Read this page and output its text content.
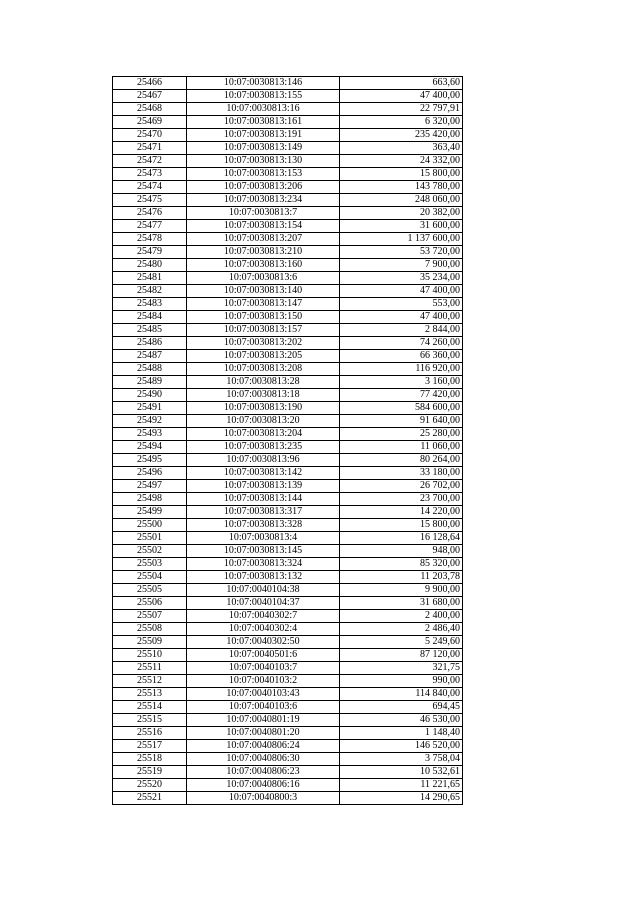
25466	10:07:0030813:146	663,60
25467	10:07:0030813:155	47 400,00
25468	10:07:0030813:16	22 797,91
25469	10:07:0030813:161	6 320,00
25470	10:07:0030813:191	235 420,00
25471	10:07:0030813:149	363,40
25472	10:07:0030813:130	24 332,00
25473	10:07:0030813:153	15 800,00
25474	10:07:0030813:206	143 780,00
25475	10:07:0030813:234	248 060,00
25476	10:07:0030813:7	20 382,00
25477	10:07:0030813:154	31 600,00
25478	10:07:0030813:207	1 137 600,00
25479	10:07:0030813:210	53 720,00
25480	10:07:0030813:160	7 900,00
25481	10:07:0030813:6	35 234,00
25482	10:07:0030813:140	47 400,00
25483	10:07:0030813:147	553,00
25484	10:07:0030813:150	47 400,00
25485	10:07:0030813:157	2 844,00
25486	10:07:0030813:202	74 260,00
25487	10:07:0030813:205	66 360,00
25488	10:07:0030813:208	116 920,00
25489	10:07:0030813:28	3 160,00
25490	10:07:0030813:18	77 420,00
25491	10:07:0030813:190	584 600,00
25492	10:07:0030813:20	91 640,00
25493	10:07:0030813:204	25 280,00
25494	10:07:0030813:235	11 060,00
25495	10:07:0030813:96	80 264,00
25496	10:07:0030813:142	33 180,00
25497	10:07:0030813:139	26 702,00
25498	10:07:0030813:144	23 700,00
25499	10:07:0030813:317	14 220,00
25500	10:07:0030813:328	15 800,00
25501	10:07:0030813:4	16 128,64
25502	10:07:0030813:145	948,00
25503	10:07:0030813:324	85 320,00
25504	10:07:0030813:132	11 203,78
25505	10:07:0040104:38	9 900,00
25506	10:07:0040104:37	31 680,00
25507	10:07:0040302:7	2 400,00
25508	10:07:0040302:4	2 486,40
25509	10:07:0040302:50	5 249,60
25510	10:07:0040501:6	87 120,00
25511	10:07:0040103:7	321,75
25512	10:07:0040103:2	990,00
25513	10:07:0040103:43	114 840,00
25514	10:07:0040103:6	694,45
25515	10:07:0040801:19	46 530,00
25516	10:07:0040801:20	1 148,40
25517	10:07:0040806:24	146 520,00
25518	10:07:0040806:30	3 758,04
25519	10:07:0040806:23	10 532,61
25520	10:07:0040806:16	11 221,65
25521	10:07:0040800:3	14 290,65
